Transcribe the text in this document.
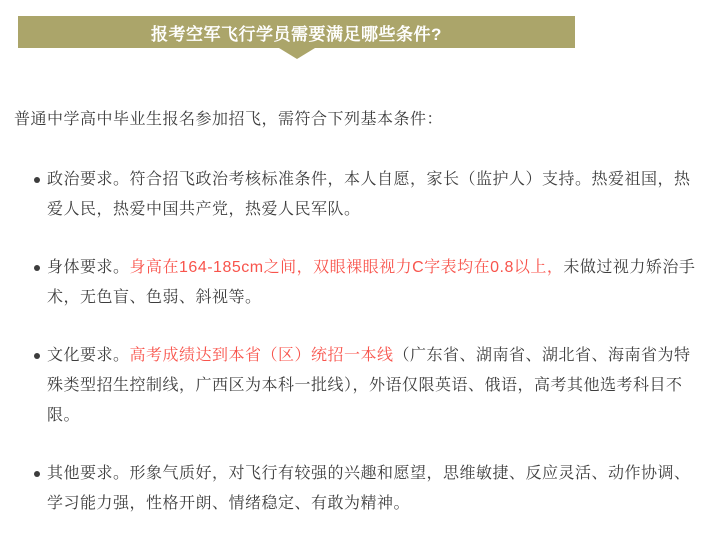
报考空军飞行学员需要满足哪些条件?

普通中学高中毕业生报名参加招飞，需符合下列基本条件：

政治要求。符合招飞政治考核标准条件，本人自愿，家长（监护人）支持。热爱祖国，热爱人民，热爱中国共产党，热爱人民军队。
身体要求。身高在164-185cm之间，双眼裸眼视力C字表均在0.8以上，未做过视力矫治手术，无色盲、色弱、斜视等。
文化要求。高考成绩达到本省（区）统招一本线（广东省、湖南省、湖北省、海南省为特殊类型招生控制线，广西区为本科一批线），外语仅限英语、俄语，高考其他选考科目不限。
其他要求。形象气质好，对飞行有较强的兴趣和愿望，思维敏捷、反应灵活、动作协调、学习能力强，性格开朗、情绪稳定、有敢为精神。
